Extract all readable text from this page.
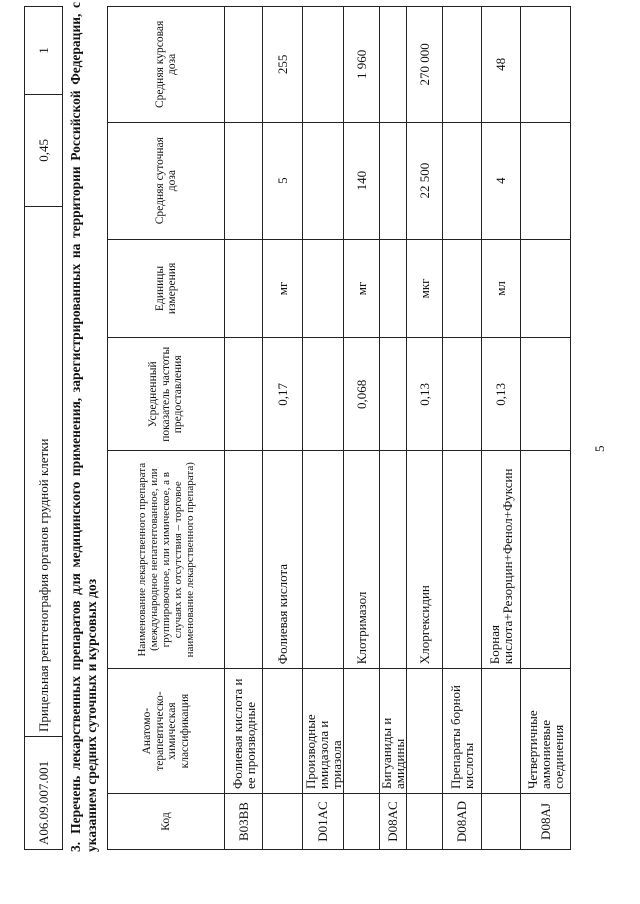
5
A06.09.007.001	Прицельная рентгенография органов грудной клетки	0,45	1
3.Перечень лекарственных препаратов для медицинского применения, зарегистрированных на территории Российской Федерации, с указанием средних суточных и курсовых доз	Код	Анатомо-терапевтическо-химическая классификация	Наименование лекарственного препарата (международное непатентованное, или группировочное, или химическое, а в случаях их отсутствия – торговое наименование лекарственного препарата)	Усредненный показатель частоты предоставления	Единицы измерения	Средняя суточная доза	Средняя курсовая доза
B03BB	Фолиевая кислота и ее производные					
		Фолиевая кислота	0,17	мг	5	255
D01AC	Производные имидазола и триазола					
		Клотримазол	0,068	мг	140	1 960
D08AC	Бигуаниды и амидины					
		Хлоргексидин	0,13	мкг	22 500	270 000
D08AD	Препараты борной кислоты					
		Борная кислота+Резорцин+Фенол+Фуксин	0,13	мл	4	48
D08AJ	Четвертичные аммониевые соединения					
